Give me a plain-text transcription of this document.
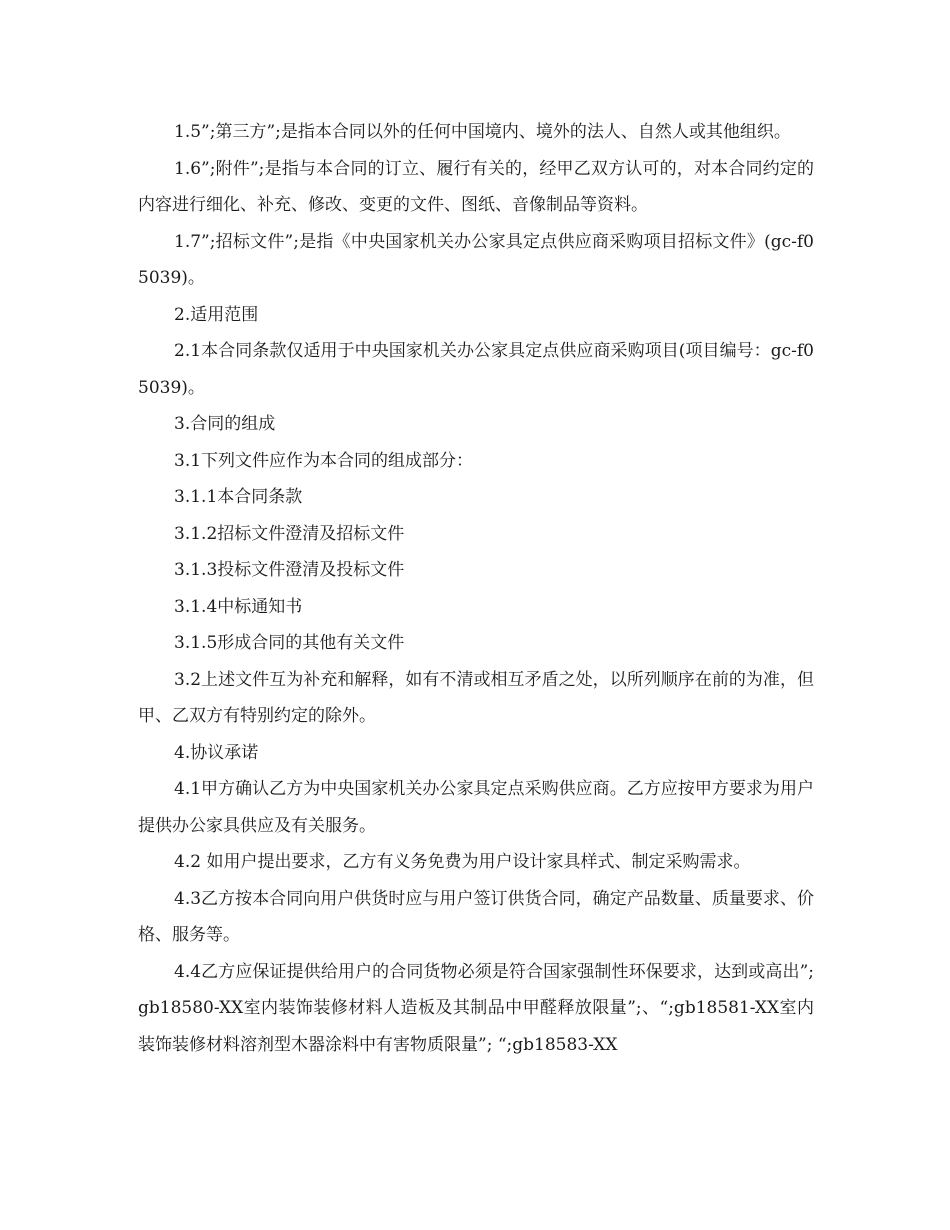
1.5”;第三方”;是指本合同以外的任何中国境内、境外的法人、自然人或其他组织。

1.6”;附件”;是指与本合同的订立、履行有关的，经甲乙双方认可的，对本合同约定的内容进行细化、补充、修改、变更的文件、图纸、音像制品等资料。

1.7”;招标文件”;是指《中央国家机关办公家具定点供应商采购项目招标文件》(gc-f05039)。

2.适用范围

2.1本合同条款仅适用于中央国家机关办公家具定点供应商采购项目(项目编号：gc-f05039)。

3.合同的组成

3.1下列文件应作为本合同的组成部分：

3.1.1本合同条款

3.1.2招标文件澄清及招标文件

3.1.3投标文件澄清及投标文件

3.1.4中标通知书

3.1.5形成合同的其他有关文件

3.2上述文件互为补充和解释，如有不清或相互矛盾之处，以所列顺序在前的为准，但甲、乙双方有特别约定的除外。

4.协议承诺

4.1甲方确认乙方为中央国家机关办公家具定点采购供应商。乙方应按甲方要求为用户提供办公家具供应及有关服务。

4.2 如用户提出要求，乙方有义务免费为用户设计家具样式、制定采购需求。

4.3乙方按本合同向用户供货时应与用户签订供货合同，确定产品数量、质量要求、价格、服务等。

4.4乙方应保证提供给用户的合同货物必须是符合国家强制性环保要求，达到或高出”;gb18580-XX室内装饰装修材料人造板及其制品中甲醛释放限量”;、“;gb18581-XX室内装饰装修材料溶剂型木器涂料中有害物质限量”; “;gb18583-XX
